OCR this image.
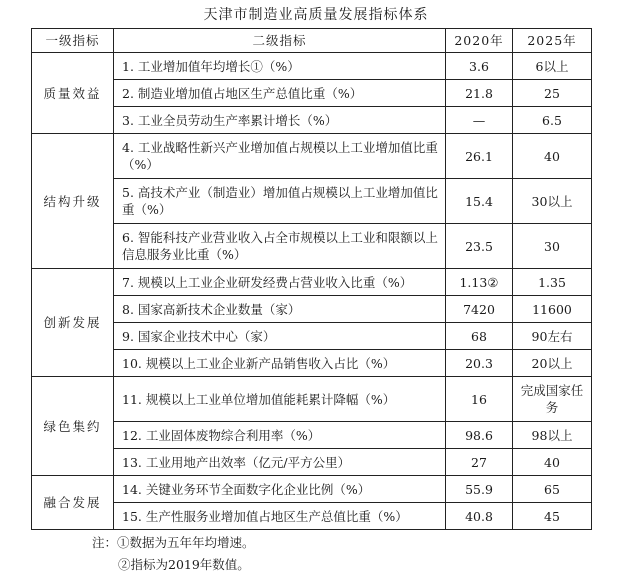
天津市制造业高质量发展指标体系
一级指标	二级指标	2020年	2025年
质量效益	1. 工业增加值年均增长①（%）	3.6	6以上
	2. 制造业增加值占地区生产总值比重（%）	21.8	25
	3. 工业全员劳动生产率累计增长（%）	—	6.5
结构升级	4. 工业战略性新兴产业增加值占规模以上工业增加值比重（%）	26.1	40
	5. 高技术产业（制造业）增加值占规模以上工业增加值比重（%）	15.4	30以上
	6. 智能科技产业营业收入占全市规模以上工业和限额以上信息服务业比重（%）	23.5	30
创新发展	7. 规模以上工业企业研发经费占营业收入比重（%）	1.13②	1.35
	8. 国家高新技术企业数量（家）	7420	11600
	9. 国家企业技术中心（家）	68	90左右
	10. 规模以上工业企业新产品销售收入占比（%）	20.3	20以上
绿色集约	11. 规模以上工业单位增加值能耗累计降幅（%）	16	完成国家任务
	12. 工业固体废物综合利用率（%）	98.6	98以上
	13. 工业用地产出效率（亿元/平方公里）	27	40
融合发展	14. 关键业务环节全面数字化企业比例（%）	55.9	65
	15. 生产性服务业增加值占地区生产总值比重（%）	40.8	45
注：①数据为五年年均增速。
②指标为2019年数值。
